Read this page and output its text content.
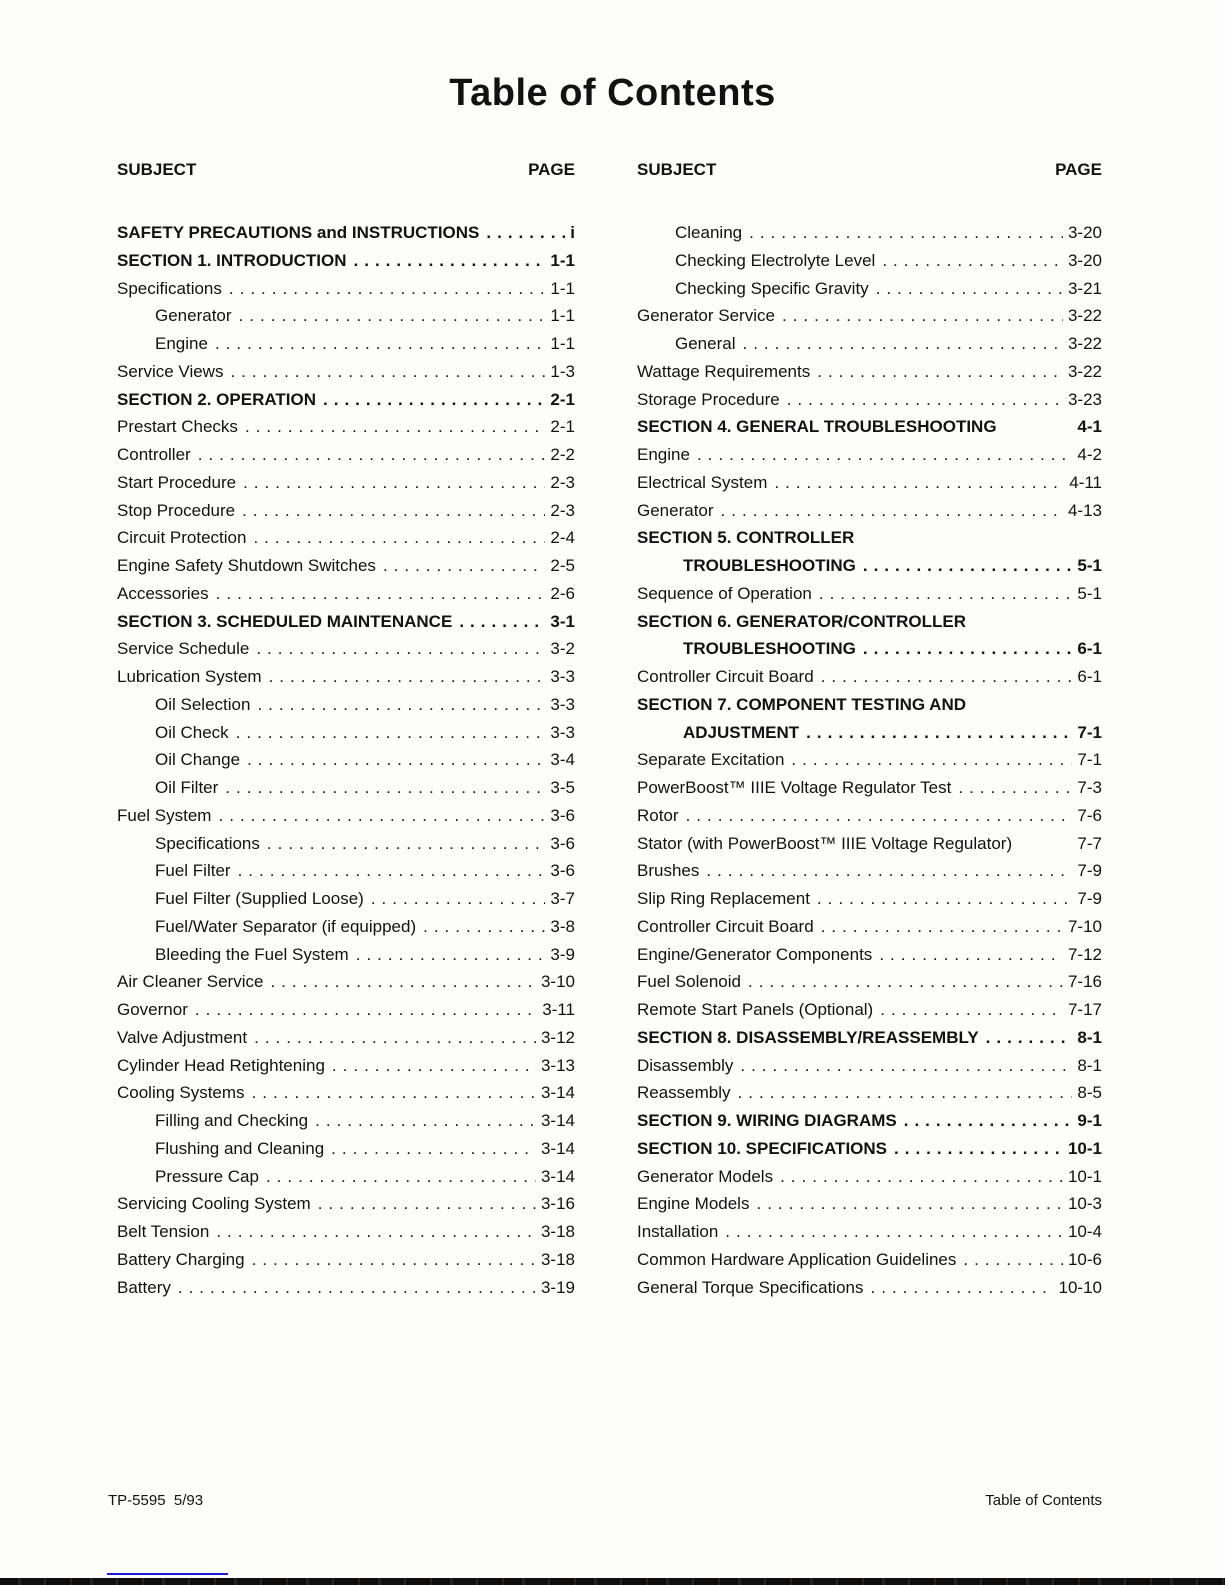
Table of Contents
SUBJECT	PAGE	SUBJECT	PAGE
SAFETY PRECAUTIONS and INSTRUCTIONS .....	i
SECTION 1. INTRODUCTION .....	1-1
Specifications .....	1-1
Generator .....	1-1
Engine .....	1-1
Service Views .....	1-3
SECTION 2. OPERATION .....	2-1
Prestart Checks .....	2-1
Controller .....	2-2
Start Procedure .....	2-3
Stop Procedure .....	2-3
Circuit Protection .....	2-4
Engine Safety Shutdown Switches .....	2-5
Accessories .....	2-6
SECTION 3. SCHEDULED MAINTENANCE .....	3-1
Service Schedule .....	3-2
Lubrication System .....	3-3
Oil Selection .....	3-3
Oil Check .....	3-3
Oil Change .....	3-4
Oil Filter .....	3-5
Fuel System .....	3-6
Specifications .....	3-6
Fuel Filter .....	3-6
Fuel Filter (Supplied Loose) .....	3-7
Fuel/Water Separator (if equipped) .....	3-8
Bleeding the Fuel System .....	3-9
Air Cleaner Service .....	3-10
Governor .....	3-11
Valve Adjustment .....	3-12
Cylinder Head Retightening .....	3-13
Cooling Systems .....	3-14
Filling and Checking .....	3-14
Flushing and Cleaning .....	3-14
Pressure Cap .....	3-14
Servicing Cooling System .....	3-16
Belt Tension .....	3-18
Battery Charging .....	3-18
Battery .....	3-19
Cleaning .....	3-20
Checking Electrolyte Level .....	3-20
Checking Specific Gravity .....	3-21
Generator Service .....	3-22
General .....	3-22
Wattage Requirements .....	3-22
Storage Procedure .....	3-23
SECTION 4. GENERAL TROUBLESHOOTING	4-1
Engine .....	4-2
Electrical System .....	4-11
Generator .....	4-13
SECTION 5. CONTROLLER
TROUBLESHOOTING .....	5-1
Sequence of Operation .....	5-1
SECTION 6. GENERATOR/CONTROLLER
TROUBLESHOOTING .....	6-1
Controller Circuit Board .....	6-1
SECTION 7. COMPONENT TESTING AND
ADJUSTMENT .....	7-1
Separate Excitation .....	7-1
PowerBoost™ IIIE Voltage Regulator Test .....	7-3
Rotor .....	7-6
Stator (with PowerBoost™ IIIE Voltage Regulator)	7-7
Brushes .....	7-9
Slip Ring Replacement .....	7-9
Controller Circuit Board .....	7-10
Engine/Generator Components .....	7-12
Fuel Solenoid .....	7-16
Remote Start Panels (Optional) .....	7-17
SECTION 8. DISASSEMBLY/REASSEMBLY .....	8-1
Disassembly .....	8-1
Reassembly .....	8-5
SECTION 9. WIRING DIAGRAMS .....	9-1
SECTION 10. SPECIFICATIONS .....	10-1
Generator Models .....	10-1
Engine Models .....	10-3
Installation .....	10-4
Common Hardware Application Guidelines .....	10-6
General Torque Specifications .....	10-10
TP-5595  5/93	Table of Contents
